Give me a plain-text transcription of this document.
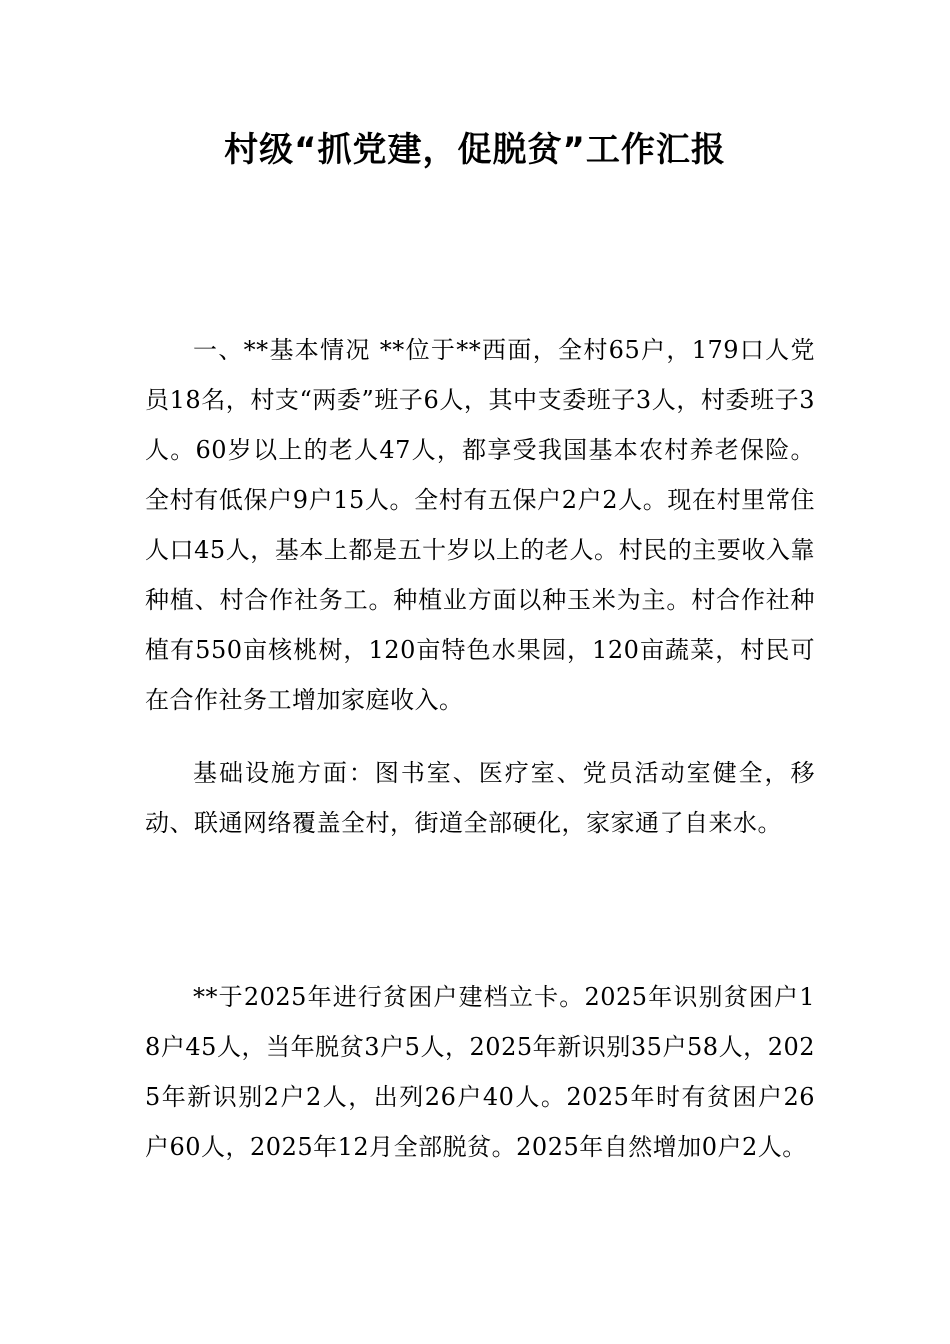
村级“抓党建，促脱贫”工作汇报

一、**基本情况 **位于**西面，全村65户，179口人党员18名，村支“两委”班子6人，其中支委班子3人，村委班子3人。60岁以上的老人47人，都享受我国基本农村养老保险。全村有低保户9户15人。全村有五保户2户2人。现在村里常住人口45人，基本上都是五十岁以上的老人。村民的主要收入靠种植、村合作社务工。种植业方面以种玉米为主。村合作社种植有550亩核桃树，120亩特色水果园，120亩蔬菜，村民可在合作社务工增加家庭收入。

基础设施方面：图书室、医疗室、党员活动室健全，移动、联通网络覆盖全村，街道全部硬化，家家通了自来水。

**于2025年进行贫困户建档立卡。2025年识别贫困户18户45人，当年脱贫3户5人，2025年新识别35户58人，2025年新识别2户2人，出列26户40人。2025年时有贫困户26户60人，2025年12月全部脱贫。2025年自然增加0户2人。
